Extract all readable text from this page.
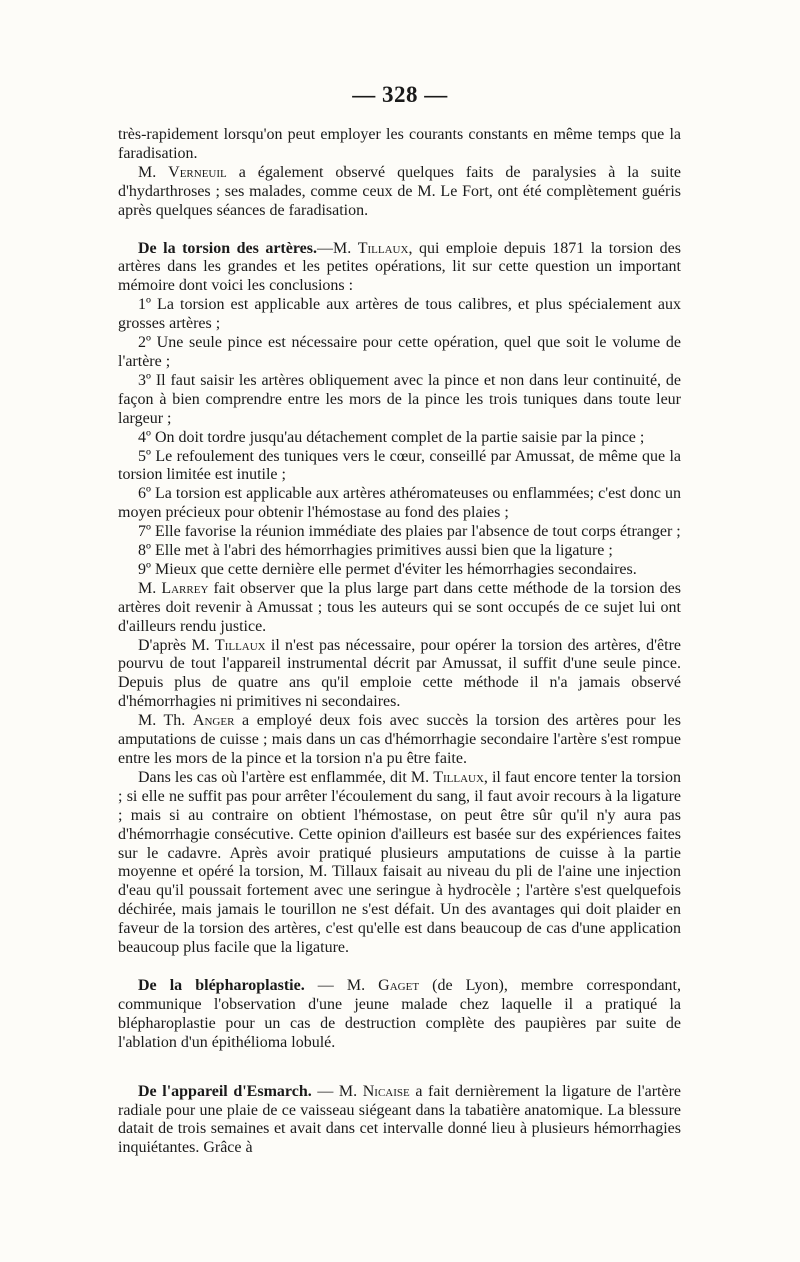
— 328 —

très-rapidement lorsqu'on peut employer les courants constants en même temps que la faradisation.

M. Verneuil a également observé quelques faits de paralysies à la suite d'hydarthroses ; ses malades, comme ceux de M. Le Fort, ont été complètement guéris après quelques séances de faradisation.

De la torsion des artères.—M. Tillaux, qui emploie depuis 1871 la torsion des artères dans les grandes et les petites opérations, lit sur cette question un important mémoire dont voici les conclusions :

1º La torsion est applicable aux artères de tous calibres, et plus spécialement aux grosses artères ;

2º Une seule pince est nécessaire pour cette opération, quel que soit le volume de l'artère ;

3º Il faut saisir les artères obliquement avec la pince et non dans leur continuité, de façon à bien comprendre entre les mors de la pince les trois tuniques dans toute leur largeur ;

4º On doit tordre jusqu'au détachement complet de la partie saisie par la pince ;

5º Le refoulement des tuniques vers le cœur, conseillé par Amussat, de même que la torsion limitée est inutile ;

6º La torsion est applicable aux artères athéromateuses ou enflammées; c'est donc un moyen précieux pour obtenir l'hémostase au fond des plaies ;

7º Elle favorise la réunion immédiate des plaies par l'absence de tout corps étranger ;

8º Elle met à l'abri des hémorrhagies primitives aussi bien que la ligature ;

9º Mieux que cette dernière elle permet d'éviter les hémorrhagies secondaires.

M. Larrey fait observer que la plus large part dans cette méthode de la torsion des artères doit revenir à Amussat ; tous les auteurs qui se sont occupés de ce sujet lui ont d'ailleurs rendu justice.

D'après M. Tillaux il n'est pas nécessaire, pour opérer la torsion des artères, d'être pourvu de tout l'appareil instrumental décrit par Amussat, il suffit d'une seule pince. Depuis plus de quatre ans qu'il emploie cette méthode il n'a jamais observé d'hémorrhagies ni primitives ni secondaires.

M. Th. Anger a employé deux fois avec succès la torsion des artères pour les amputations de cuisse ; mais dans un cas d'hémorrhagie secondaire l'artère s'est rompue entre les mors de la pince et la torsion n'a pu être faite.

Dans les cas où l'artère est enflammée, dit M. Tillaux, il faut encore tenter la torsion ; si elle ne suffit pas pour arrêter l'écoulement du sang, il faut avoir recours à la ligature ; mais si au contraire on obtient l'hémostase, on peut être sûr qu'il n'y aura pas d'hémorrhagie consécutive. Cette opinion d'ailleurs est basée sur des expériences faites sur le cadavre. Après avoir pratiqué plusieurs amputations de cuisse à la partie moyenne et opéré la torsion, M. Tillaux faisait au niveau du pli de l'aine une injection d'eau qu'il poussait fortement avec une seringue à hydrocèle ; l'artère s'est quelquefois déchirée, mais jamais le tourillon ne s'est défait. Un des avantages qui doit plaider en faveur de la torsion des artères, c'est qu'elle est dans beaucoup de cas d'une application beaucoup plus facile que la ligature.

De la blépharoplastie. — M. Gaget (de Lyon), membre correspondant, communique l'observation d'une jeune malade chez laquelle il a pratiqué la blépharoplastie pour un cas de destruction complète des paupières par suite de l'ablation d'un épithélioma lobulé.

De l'appareil d'Esmarch. — M. Nicaise a fait dernièrement la ligature de l'artère radiale pour une plaie de ce vaisseau siégeant dans la tabatière anatomique. La blessure datait de trois semaines et avait dans cet intervalle donné lieu à plusieurs hémorrhagies inquiétantes. Grâce à
